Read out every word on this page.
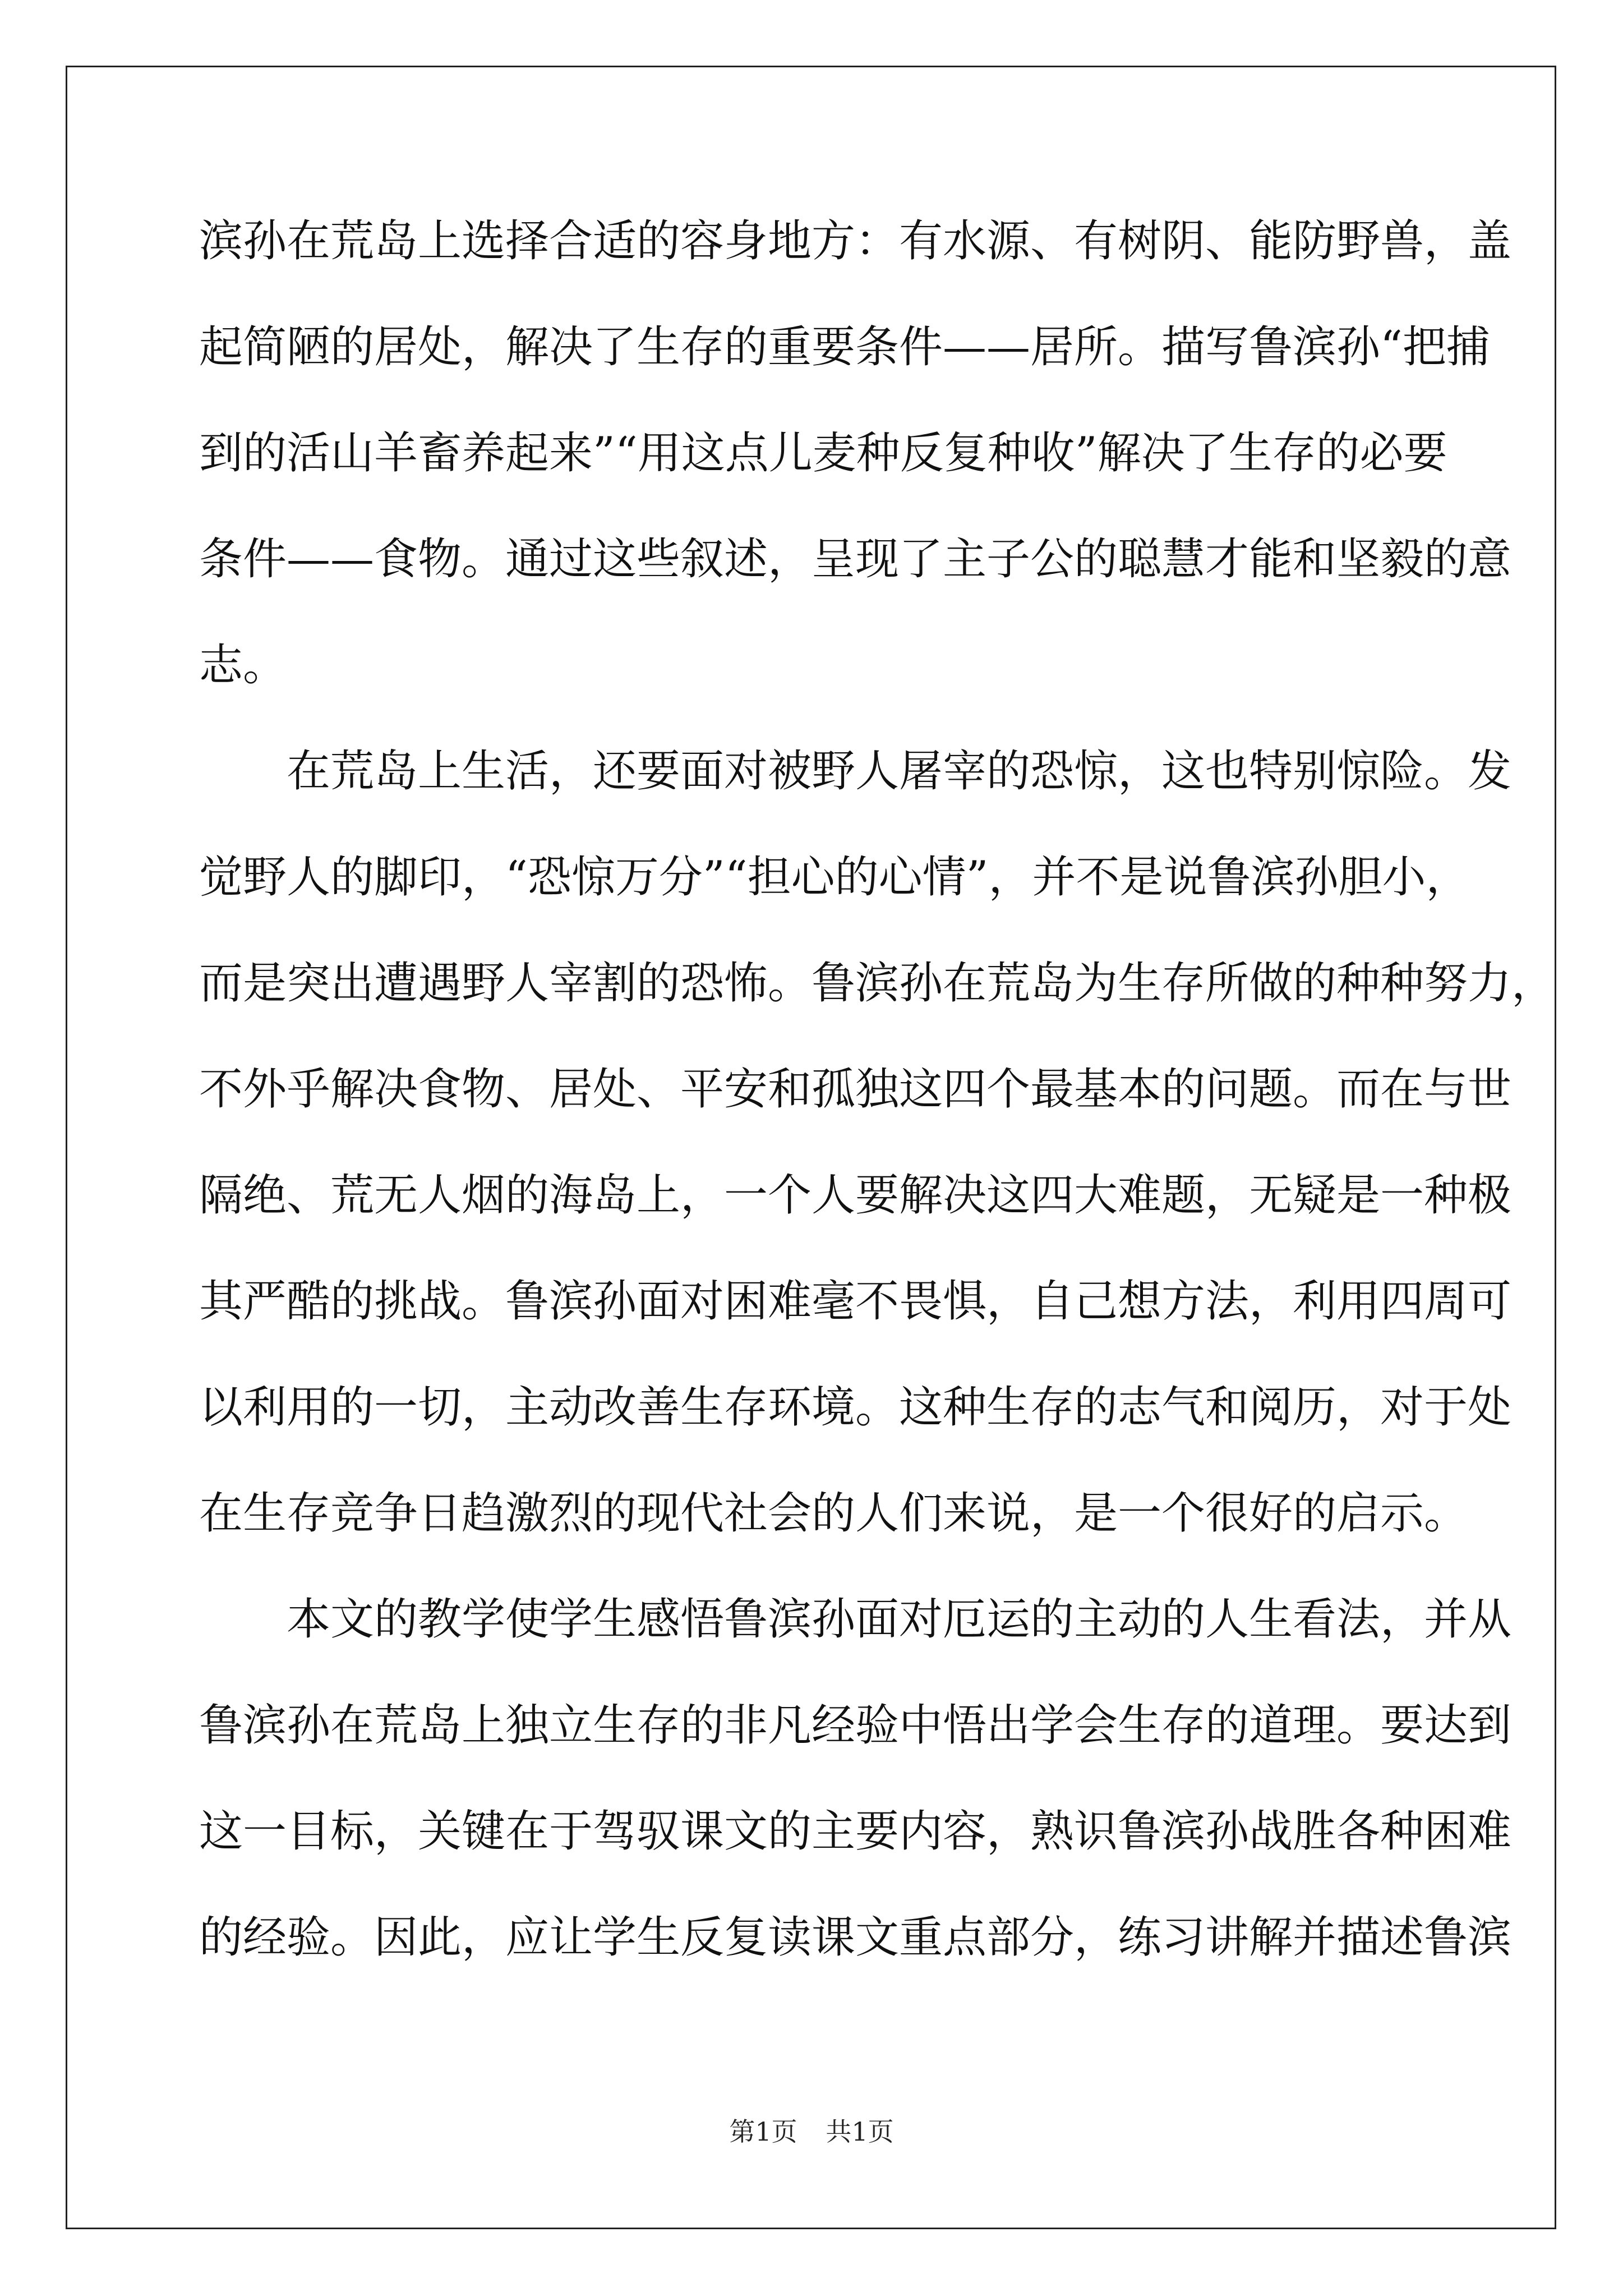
滨孙在荒岛上选择合适的容身地方：有水源、有树阴、能防野兽，盖
起简陋的居处，解决了生存的重要条件——居所。描写鲁滨孙“把捕
到的活山羊畜养起来”“用这点儿麦种反复种收”解决了生存的必要
条件——食物。通过这些叙述，呈现了主子公的聪慧才能和坚毅的意
志。
在荒岛上生活，还要面对被野人屠宰的恐惊，这也特别惊险。发
觉野人的脚印，“恐惊万分”“担心的心情”，并不是说鲁滨孙胆小，
而是突出遭遇野人宰割的恐怖。鲁滨孙在荒岛为生存所做的种种努力，
不外乎解决食物、居处、平安和孤独这四个最基本的问题。而在与世
隔绝、荒无人烟的海岛上，一个人要解决这四大难题，无疑是一种极
其严酷的挑战。鲁滨孙面对困难毫不畏惧，自己想方法，利用四周可
以利用的一切，主动改善生存环境。这种生存的志气和阅历，对于处
在生存竞争日趋激烈的现代社会的人们来说，是一个很好的启示。
本文的教学使学生感悟鲁滨孙面对厄运的主动的人生看法，并从
鲁滨孙在荒岛上独立生存的非凡经验中悟出学会生存的道理。要达到
这一目标，关键在于驾驭课文的主要内容，熟识鲁滨孙战胜各种困难
的经验。因此，应让学生反复读课文重点部分，练习讲解并描述鲁滨
第1页 共1页
